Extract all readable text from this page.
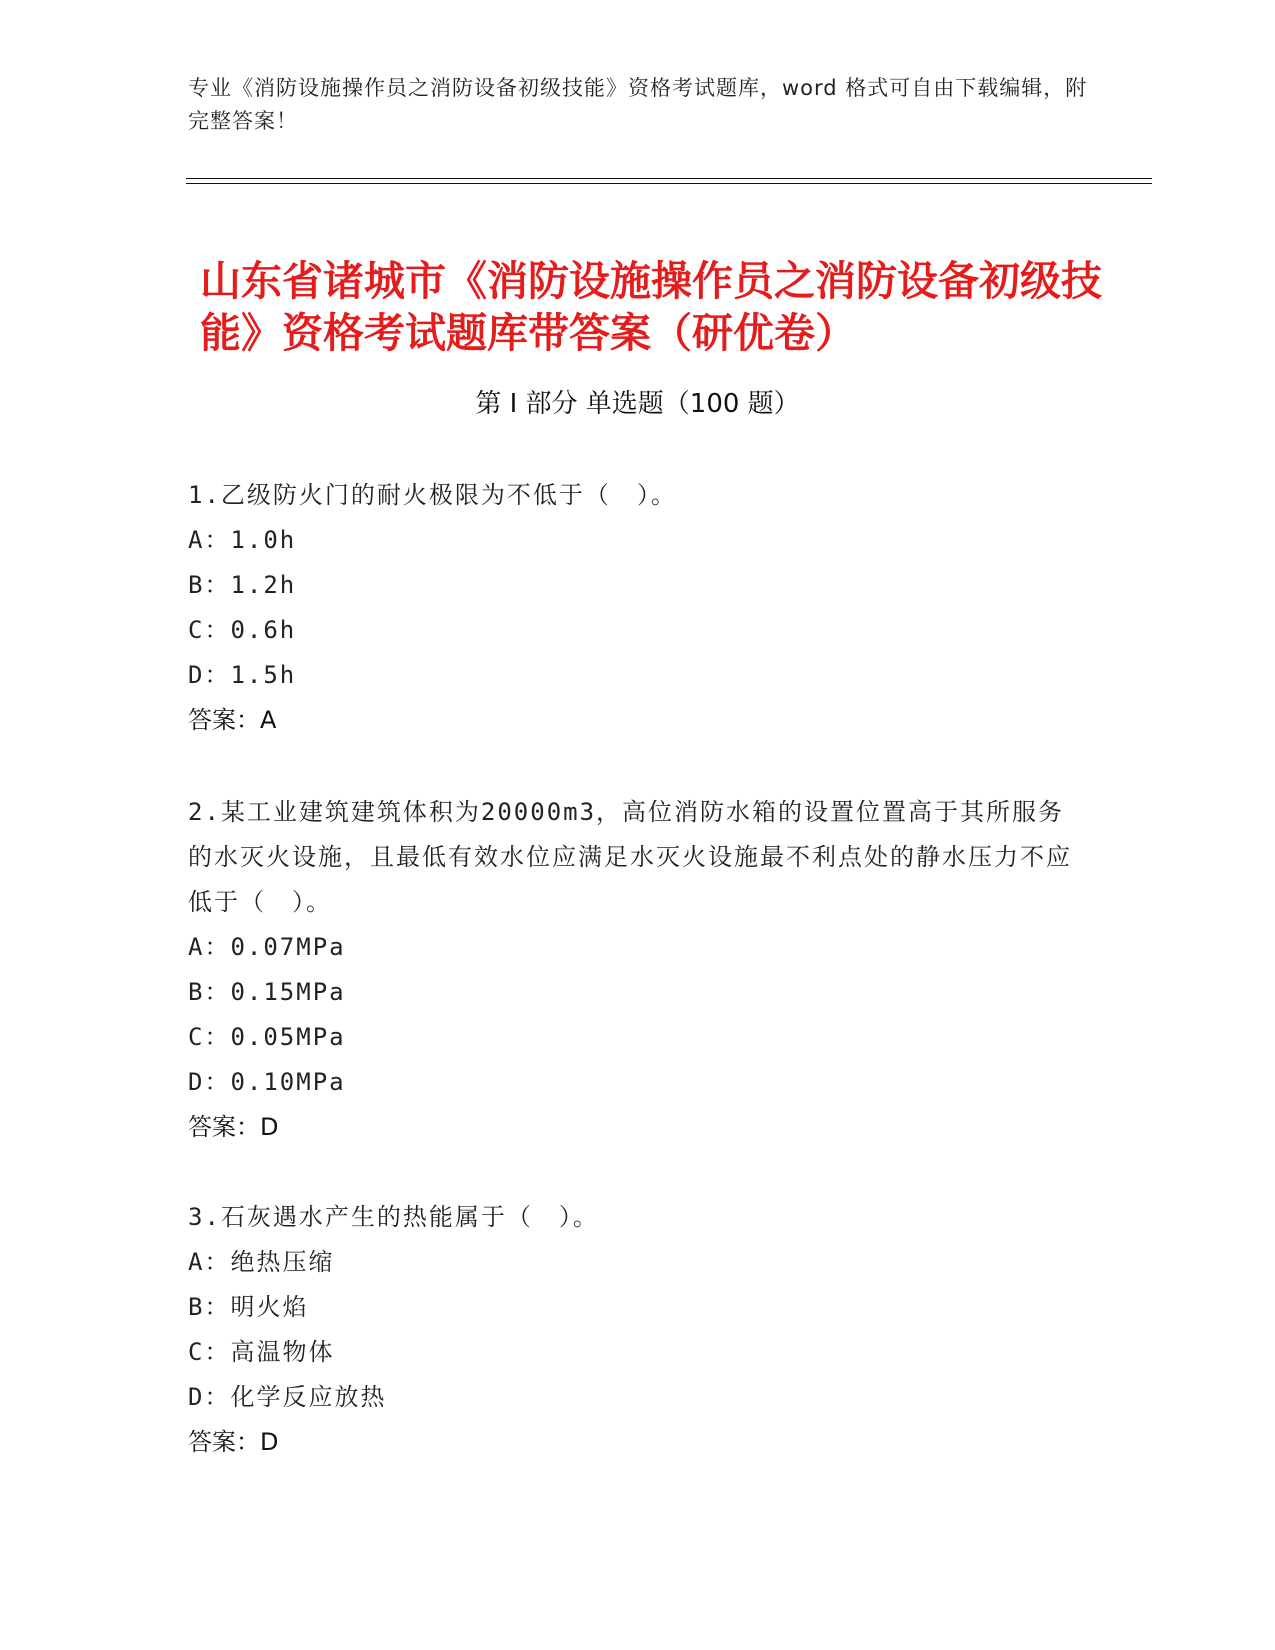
专业《消防设施操作员之消防设备初级技能》资格考试题库，word 格式可自由下载编辑，附完整答案！
山东省诸城市《消防设施操作员之消防设备初级技能》资格考试题库带答案（研优卷）
第 I 部分 单选题（100 题）

1.乙级防火门的耐火极限为不低于（　）。

A：1.0h

B：1.2h

C：0.6h

D：1.5h

答案：A

2.某工业建筑建筑体积为20000m3，高位消防水箱的设置位置高于其所服务的水灭火设施，且最低有效水位应满足水灭火设施最不利点处的静水压力不应低于（　）。

A：0.07MPa

B：0.15MPa

C：0.05MPa

D：0.10MPa

答案：D

3.石灰遇水产生的热能属于（　）。

A：绝热压缩

B：明火焰

C：高温物体

D：化学反应放热

答案：D
